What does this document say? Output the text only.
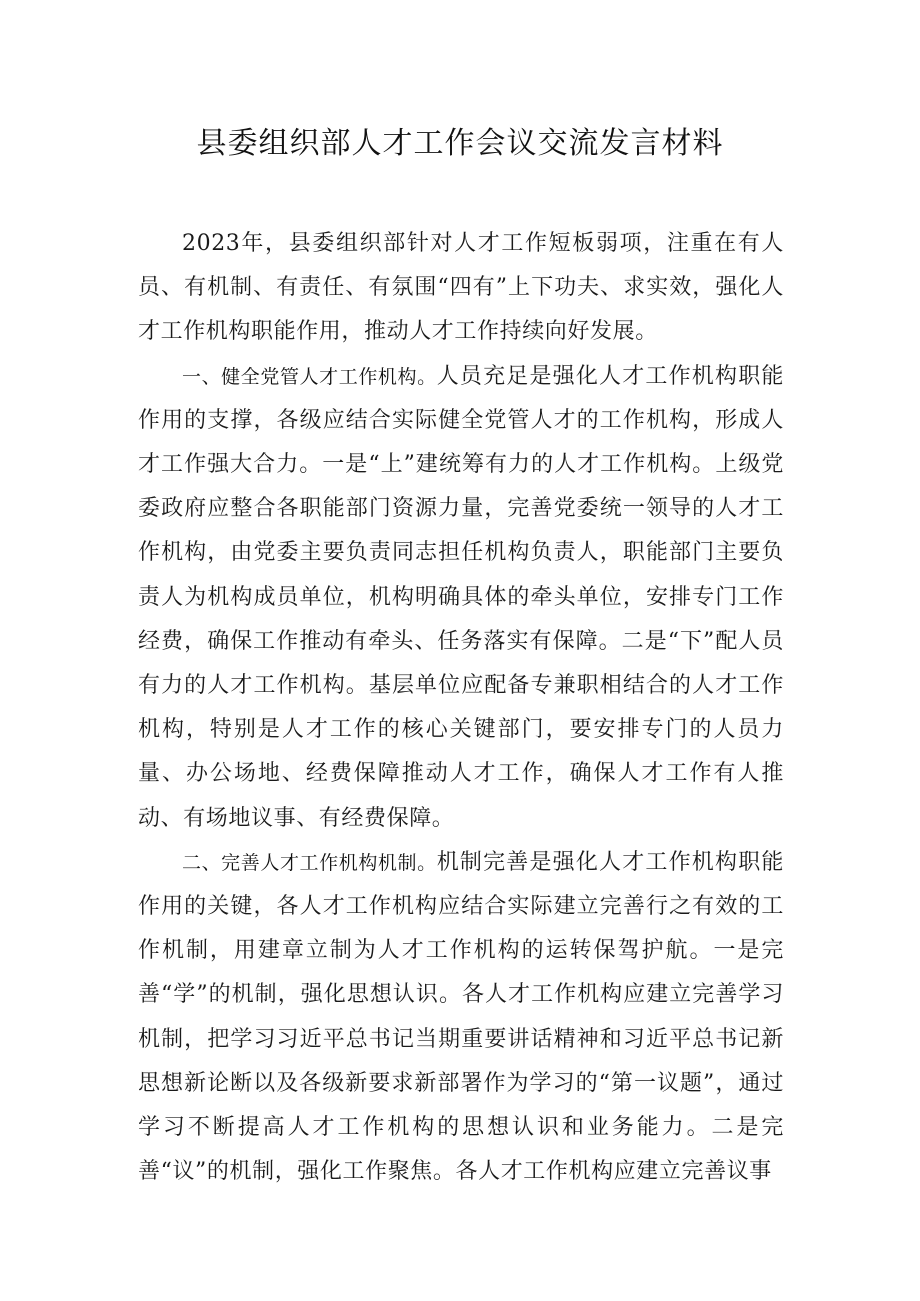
县委组织部人才工作会议交流发言材料

2023年，县委组织部针对人才工作短板弱项，注重在有人员、有机制、有责任、有氛围“四有”上下功夫、求实效，强化人才工作机构职能作用，推动人才工作持续向好发展。

一、健全党管人才工作机构。人员充足是强化人才工作机构职能作用的支撑，各级应结合实际健全党管人才的工作机构，形成人才工作强大合力。一是“上”建统筹有力的人才工作机构。上级党委政府应整合各职能部门资源力量，完善党委统一领导的人才工作机构，由党委主要负责同志担任机构负责人，职能部门主要负责人为机构成员单位，机构明确具体的牵头单位，安排专门工作经费，确保工作推动有牵头、任务落实有保障。二是“下”配人员有力的人才工作机构。基层单位应配备专兼职相结合的人才工作机构，特别是人才工作的核心关键部门，要安排专门的人员力量、办公场地、经费保障推动人才工作，确保人才工作有人推动、有场地议事、有经费保障。

二、完善人才工作机构机制。机制完善是强化人才工作机构职能作用的关键，各人才工作机构应结合实际建立完善行之有效的工作机制，用建章立制为人才工作机构的运转保驾护航。一是完善“学”的机制，强化思想认识。各人才工作机构应建立完善学习机制，把学习习近平总书记当期重要讲话精神和习近平总书记新思想新论断以及各级新要求新部署作为学习的“第一议题”，通过学习不断提高人才工作机构的思想认识和业务能力。二是完善“议”的机制，强化工作聚焦。各人才工作机构应建立完善议事
